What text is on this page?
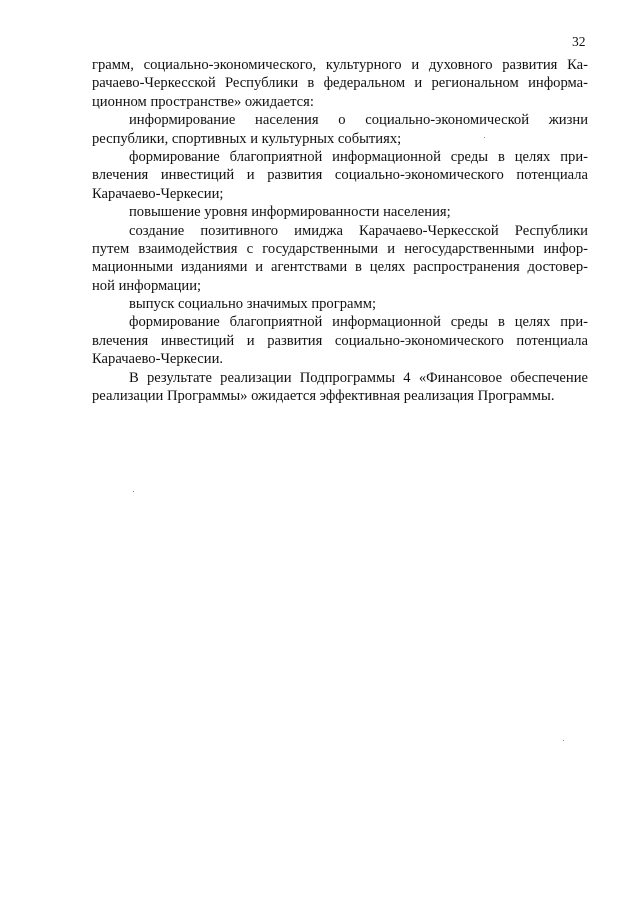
32
грамм, социально-экономического, культурного и духовного развития Ка-
рачаево-Черкесской Республики в федеральном и региональном информа-
ционном пространстве» ожидается:
информирование населения о социально-экономической жизни
республики, спортивных и культурных событиях;
формирование благоприятной информационной среды в целях при-
влечения инвестиций и развития социально-экономического потенциала
Карачаево-Черкесии;
повышение уровня информированности населения;
создание позитивного имиджа Карачаево-Черкесской Республики
путем взаимодействия с государственными и негосударственными инфор-
мационными изданиями и агентствами в целях распространения достовер-
ной информации;
выпуск социально значимых программ;
формирование благоприятной информационной среды в целях при-
влечения инвестиций и развития социально-экономического потенциала
Карачаево-Черкесии.
В результате реализации Подпрограммы 4 «Финансовое обеспечение
реализации Программы» ожидается эффективная реализация Программы.
